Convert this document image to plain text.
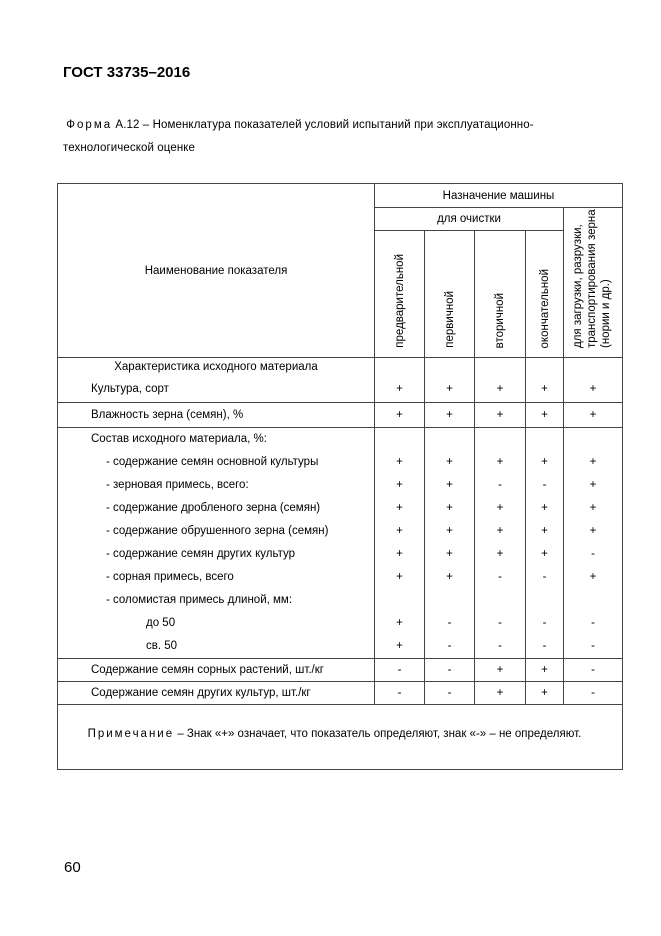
ГОСТ 33735–2016
Форма А.12 – Номенклатура показателей условий испытаний при эксплуатационно-технологической оценке
Наименование показателя	Назначение машины				
	для очистки				для загрузки, разрузки, транспортирования зерна (нории и др.)
	предварительной	первичной	вторичной	окончательной	
Характеристика исходного материала					
Культура, сорт	+	+	+	+	+
Влажность зерна (семян), %	+	+	+	+	+
Состав исходного материала, %:					
- содержание семян основной культуры	+	+	+	+	+
- зерновая примесь, всего:	+	+	-	-	+
- содержание дробленого зерна (семян)	+	+	+	+	+
- содержание обрушенного зерна (семян)	+	+	+	+	+
- содержание семян других культур	+	+	+	+	-
- сорная примесь, всего	+	+	-	-	+
- соломистая примесь длиной, мм:					
до 50	+	-	-	-	-
св. 50	+	-	-	-	-
Содержание семян сорных растений, шт./кг	-	-	+	+	-
Содержание семян других культур, шт./кг	-	-	+	+	-
Примечание – Знак «+» означает, что показатель определяют, знак «-» – не определяют.					
60
